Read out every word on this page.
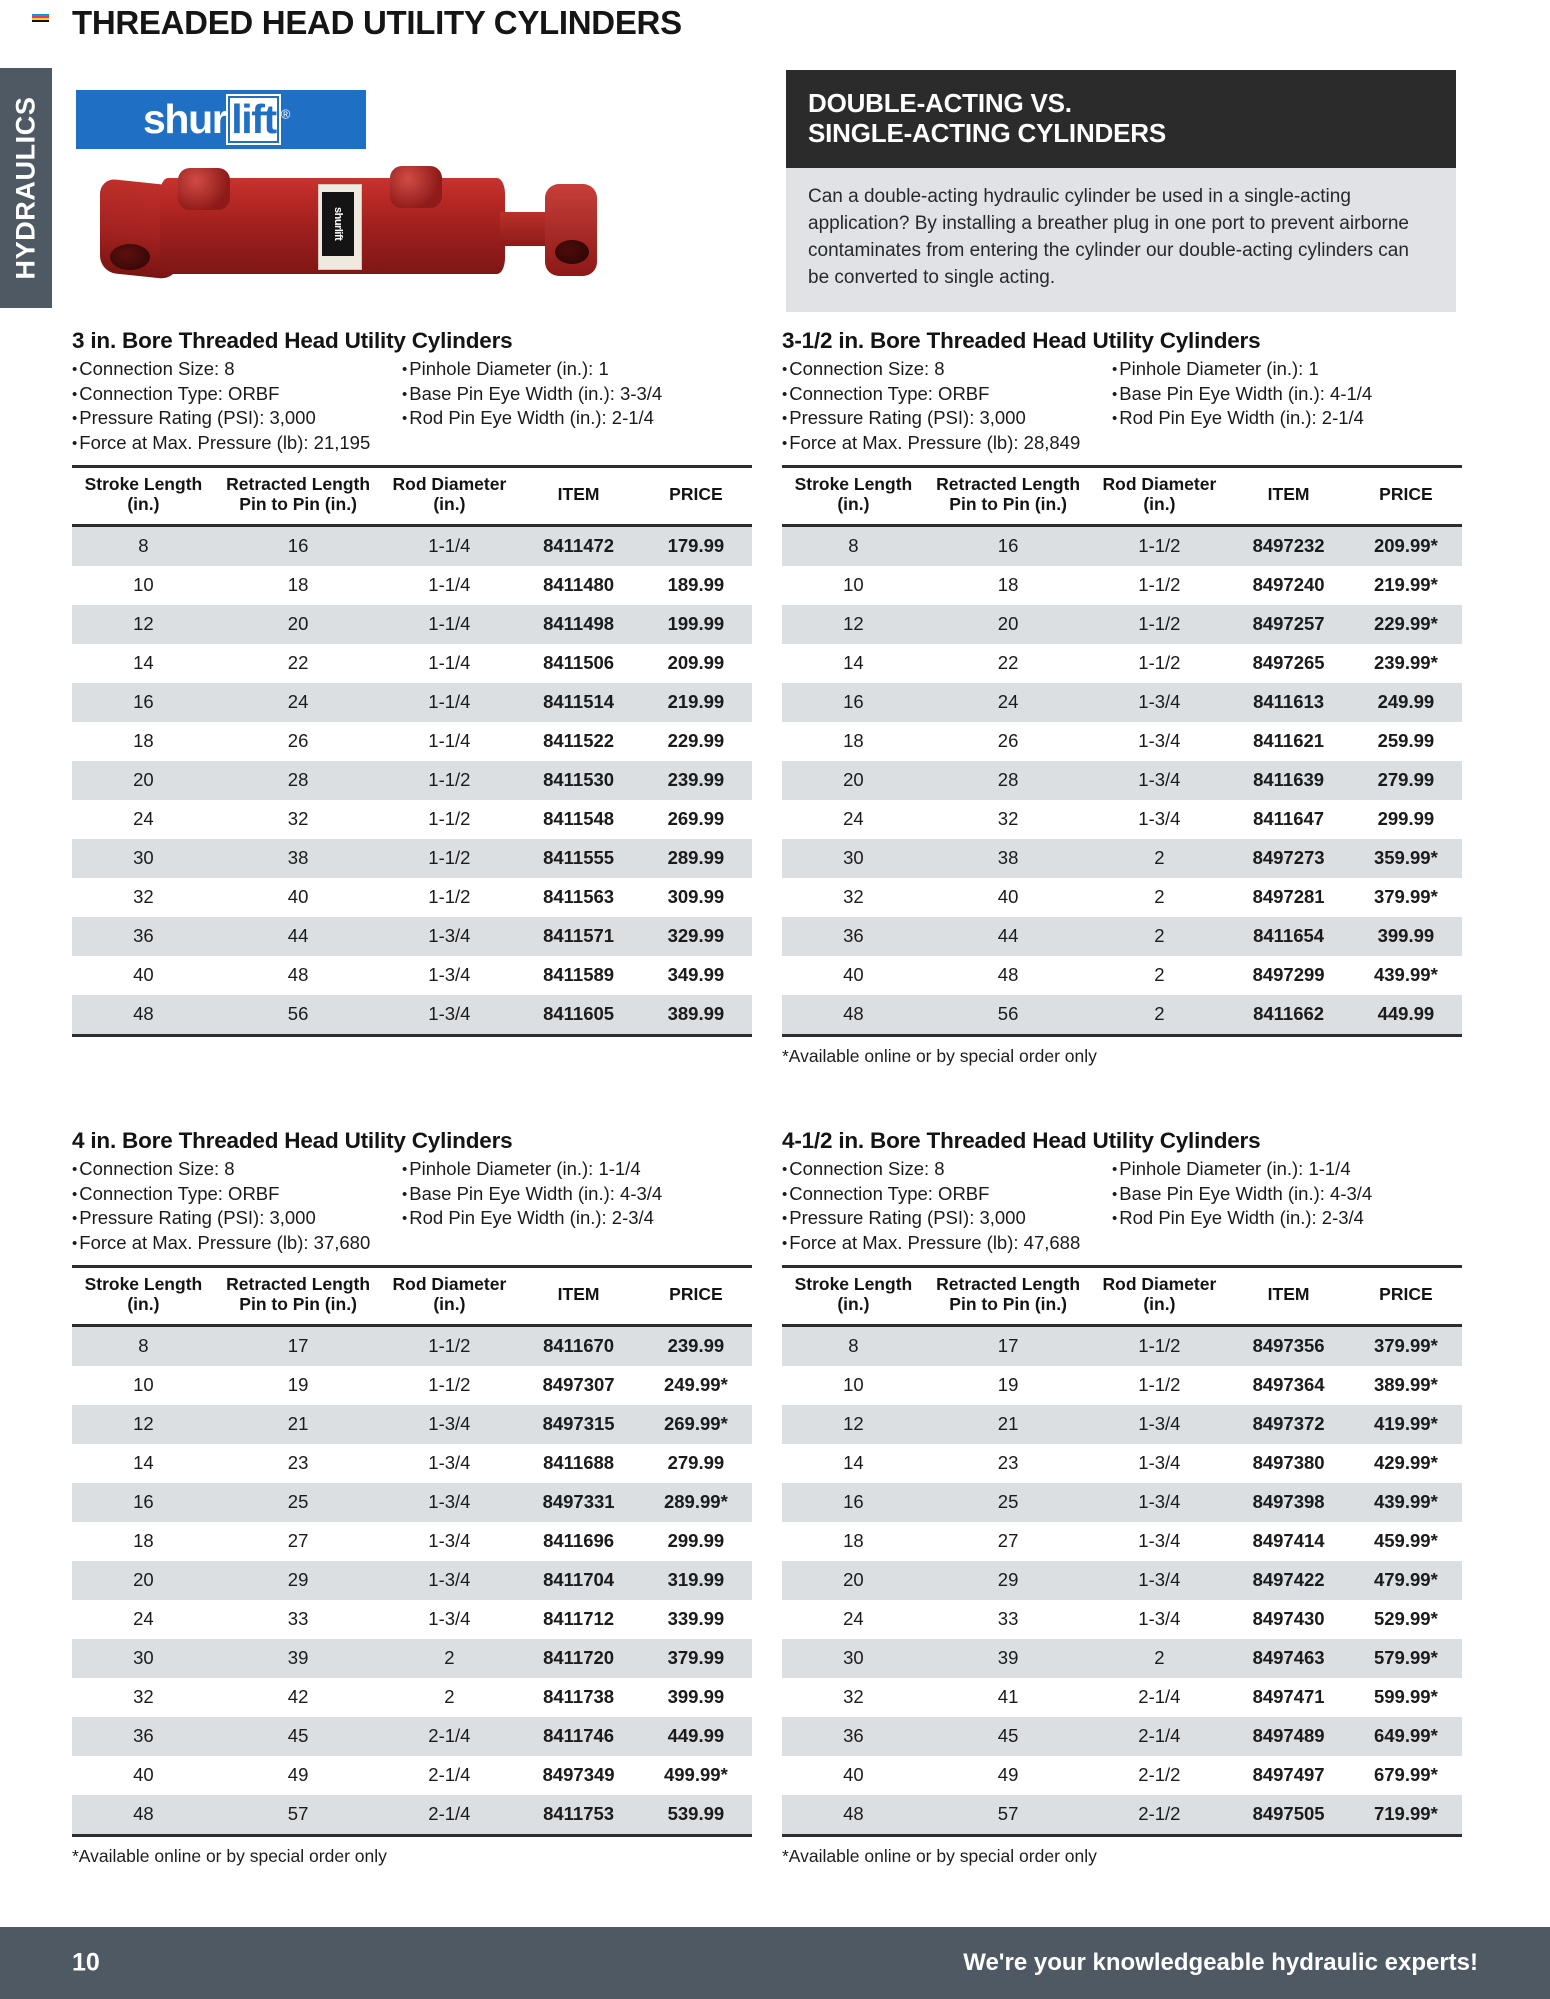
THREADED HEAD UTILITY CYLINDERS
HYDRAULICS	shur lift ®
shurlift
DOUBLE-ACTING VS.
SINGLE-ACTING CYLINDERS
Can a double-acting hydraulic cylinder be used in a single-acting application? By installing a breather plug in one port to prevent airborne contaminates from entering the cylinder our double-acting cylinders can be converted to single acting.
3 in. Bore Threaded Head Utility Cylinders
• Connection Size: 8
• Connection Type: ORBF
• Pressure Rating (PSI): 3,000
• Force at Max. Pressure (lb): 21,195
• Pinhole Diameter (in.): 1
• Base Pin Eye Width (in.): 3-3/4
• Rod Pin Eye Width (in.): 2-1/4
Stroke Length (in.)	Retracted Length Pin to Pin (in.)	Rod Diameter (in.)	ITEM	PRICE
8	16	1-1/4	8411472	179.99
10	18	1-1/4	8411480	189.99
12	20	1-1/4	8411498	199.99
14	22	1-1/4	8411506	209.99
16	24	1-1/4	8411514	219.99
18	26	1-1/4	8411522	229.99
20	28	1-1/2	8411530	239.99
24	32	1-1/2	8411548	269.99
30	38	1-1/2	8411555	289.99
32	40	1-1/2	8411563	309.99
36	44	1-3/4	8411571	329.99
40	48	1-3/4	8411589	349.99
48	56	1-3/4	8411605	389.99
3-1/2 in. Bore Threaded Head Utility Cylinders
• Connection Size: 8
• Connection Type: ORBF
• Pressure Rating (PSI): 3,000
• Force at Max. Pressure (lb): 28,849
• Pinhole Diameter (in.): 1
• Base Pin Eye Width (in.): 4-1/4
• Rod Pin Eye Width (in.): 2-1/4
Stroke Length (in.)	Retracted Length Pin to Pin (in.)	Rod Diameter (in.)	ITEM	PRICE
8	16	1-1/2	8497232	209.99*
10	18	1-1/2	8497240	219.99*
12	20	1-1/2	8497257	229.99*
14	22	1-1/2	8497265	239.99*
16	24	1-3/4	8411613	249.99
18	26	1-3/4	8411621	259.99
20	28	1-3/4	8411639	279.99
24	32	1-3/4	8411647	299.99
30	38	2	8497273	359.99*
32	40	2	8497281	379.99*
36	44	2	8411654	399.99
40	48	2	8497299	439.99*
48	56	2	8411662	449.99
*Available online or by special order only
4 in. Bore Threaded Head Utility Cylinders
• Connection Size: 8
• Connection Type: ORBF
• Pressure Rating (PSI): 3,000
• Force at Max. Pressure (lb): 37,680
• Pinhole Diameter (in.): 1-1/4
• Base Pin Eye Width (in.): 4-3/4
• Rod Pin Eye Width (in.): 2-3/4
Stroke Length (in.)	Retracted Length Pin to Pin (in.)	Rod Diameter (in.)	ITEM	PRICE
8	17	1-1/2	8411670	239.99
10	19	1-1/2	8497307	249.99*
12	21	1-3/4	8497315	269.99*
14	23	1-3/4	8411688	279.99
16	25	1-3/4	8497331	289.99*
18	27	1-3/4	8411696	299.99
20	29	1-3/4	8411704	319.99
24	33	1-3/4	8411712	339.99
30	39	2	8411720	379.99
32	42	2	8411738	399.99
36	45	2-1/4	8411746	449.99
40	49	2-1/4	8497349	499.99*
48	57	2-1/4	8411753	539.99
*Available online or by special order only
4-1/2 in. Bore Threaded Head Utility Cylinders
• Connection Size: 8
• Connection Type: ORBF
• Pressure Rating (PSI): 3,000
• Force at Max. Pressure (lb): 47,688
• Pinhole Diameter (in.): 1-1/4
• Base Pin Eye Width (in.): 4-3/4
• Rod Pin Eye Width (in.): 2-3/4
Stroke Length (in.)	Retracted Length Pin to Pin (in.)	Rod Diameter (in.)	ITEM	PRICE
8	17	1-1/2	8497356	379.99*
10	19	1-1/2	8497364	389.99*
12	21	1-3/4	8497372	419.99*
14	23	1-3/4	8497380	429.99*
16	25	1-3/4	8497398	439.99*
18	27	1-3/4	8497414	459.99*
20	29	1-3/4	8497422	479.99*
24	33	1-3/4	8497430	529.99*
30	39	2	8497463	579.99*
32	41	2-1/4	8497471	599.99*
36	45	2-1/4	8497489	649.99*
40	49	2-1/2	8497497	679.99*
48	57	2-1/2	8497505	719.99*
*Available online or by special order only
10	We're your knowledgeable hydraulic experts!
